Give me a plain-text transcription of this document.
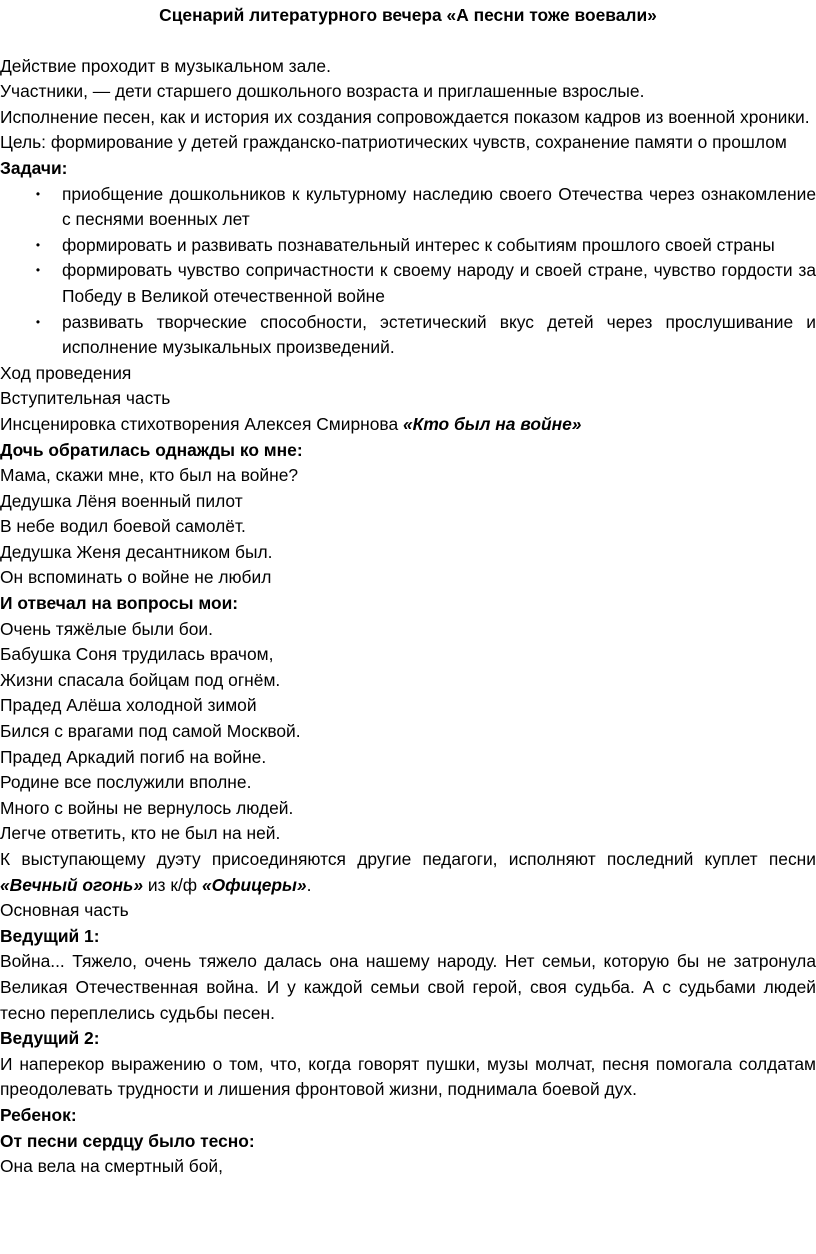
Сценарий литературного вечера «А песни тоже воевали»

Действие проходит в музыкальном зале.

Участники, — дети старшего дошкольного возраста и приглашенные взрослые.

Исполнение песен, как и история их создания сопровождается показом кадров из военной хроники.

Цель: формирование у детей гражданско-патриотических чувств, сохранение памяти о прошлом

Задачи:

• приобщение дошкольников к культурному наследию своего Отечества через ознакомление с песнями военных лет
• формировать и развивать познавательный интерес к событиям прошлого своей страны
• формировать чувство сопричастности к своему народу и своей стране, чувство гордости за Победу в Великой отечественной войне
• развивать творческие способности, эстетический вкус детей через прослушивание и исполнение музыкальных произведений.

Ход проведения

Вступительная часть

Инсценировка стихотворения Алексея Смирнова «Кто был на войне»

Дочь обратилась однажды ко мне:

Мама, скажи мне, кто был на войне?

Дедушка Лёня военный пилот

В небе водил боевой самолёт.

Дедушка Женя десантником был.

Он вспоминать о войне не любил

И отвечал на вопросы мои:

Очень тяжёлые были бои.

Бабушка Соня трудилась врачом,

Жизни спасала бойцам под огнём.

Прадед Алёша холодной зимой

Бился с врагами под самой Москвой.

Прадед Аркадий погиб на войне.

Родине все послужили вполне.

Много с войны не вернулось людей.

Легче ответить, кто не был на ней.

К выступающему дуэту присоединяются другие педагоги, исполняют последний куплет песни «Вечный огонь» из к/ф «Офицеры».

Основная часть

Ведущий 1:

Война... Тяжело, очень тяжело далась она нашему народу. Нет семьи, которую бы не затронула Великая Отечественная война. И у каждой семьи свой герой, своя судьба. А с судьбами людей тесно переплелись судьбы песен.

Ведущий 2:

И наперекор выражению о том, что, когда говорят пушки, музы молчат, песня помогала солдатам преодолевать трудности и лишения фронтовой жизни, поднимала боевой дух.

Ребенок:

От песни сердцу было тесно:

Она вела на смертный бой,
